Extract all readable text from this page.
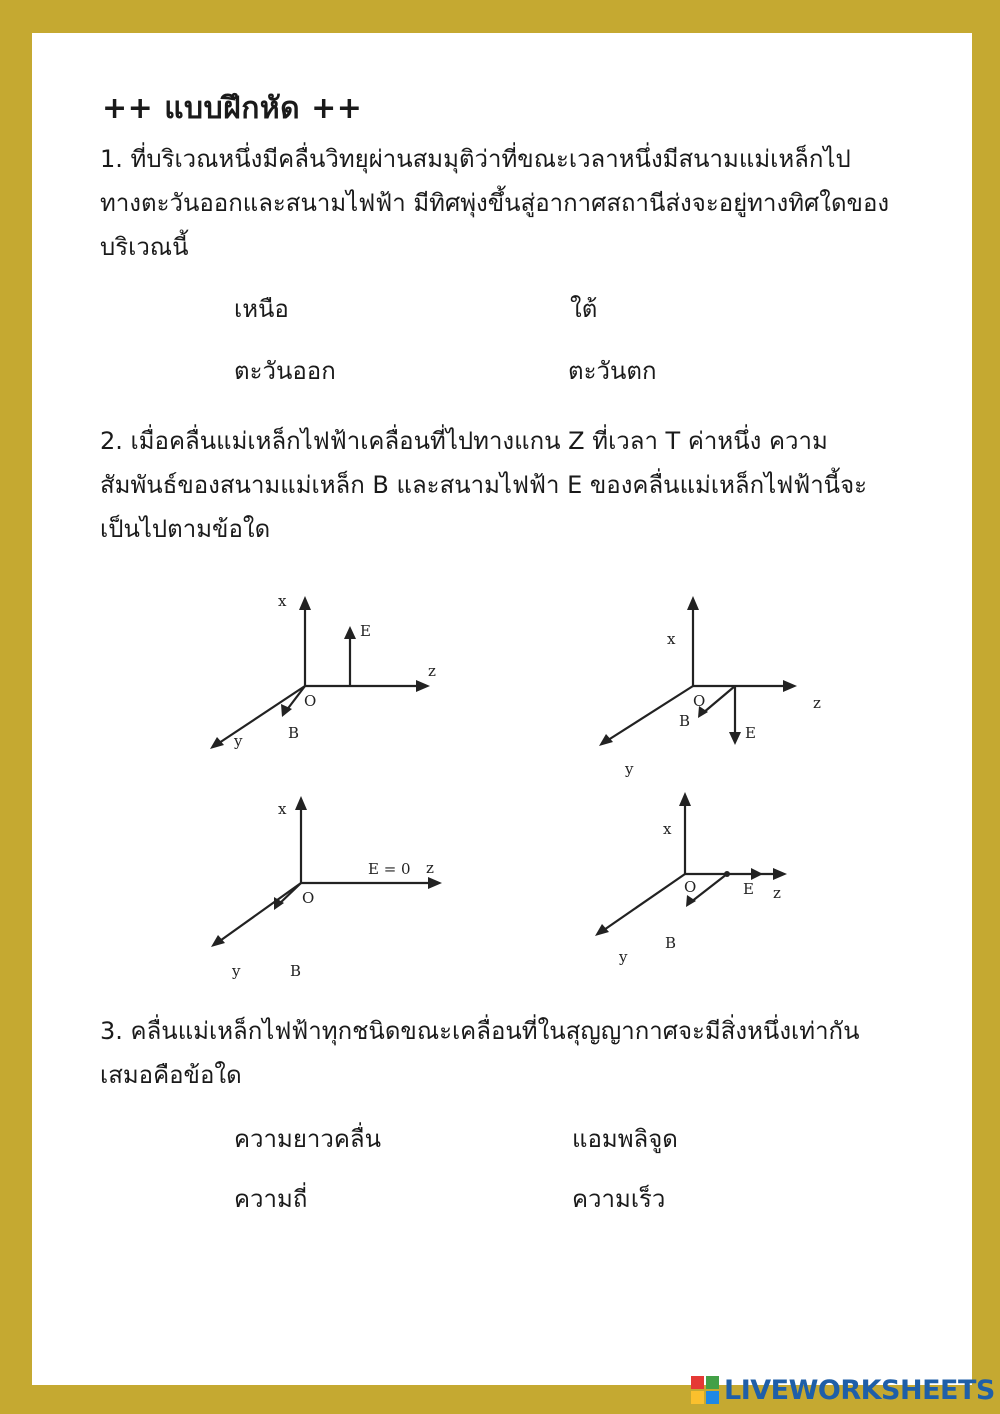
++ แบบฝึกหัด ++

1. ที่บริเวณหนึ่งมีคลื่นวิทยุผ่านสมมุติว่าที่ขณะเวลาหนึ่งมีสนามแม่เหล็กไปทางตะวันออกและสนามไฟฟ้า มีทิศพุ่งขึ้นสู่อากาศสถานีส่งจะอยู่ทางทิศใดของบริเวณนี้

เหนือ	ใต้
ตะวันออก	ตะวันตก

2. เมื่อคลื่นแม่เหล็กไฟฟ้าเคลื่อนที่ไปทางแกน Z ที่เวลา T ค่าหนึ่ง ความสัมพันธ์ของสนามแม่เหล็ก B และสนามไฟฟ้า E ของคลื่นแม่เหล็กไฟฟ้านี้จะเป็นไปตามข้อใด

x
y
z
O
B
E	x
y
z
O
B
E
x
y
z
O
B
E = 0
x
y
z
O
B
E

3. คลื่นแม่เหล็กไฟฟ้าทุกชนิดขณะเคลื่อนที่ในสุญญากาศจะมีสิ่งหนึ่งเท่ากันเสมอคือข้อใด

ความยาวคลื่น	แอมพลิจูด
ความถี่	ความเร็ว
LIVEWORKSHEETS
